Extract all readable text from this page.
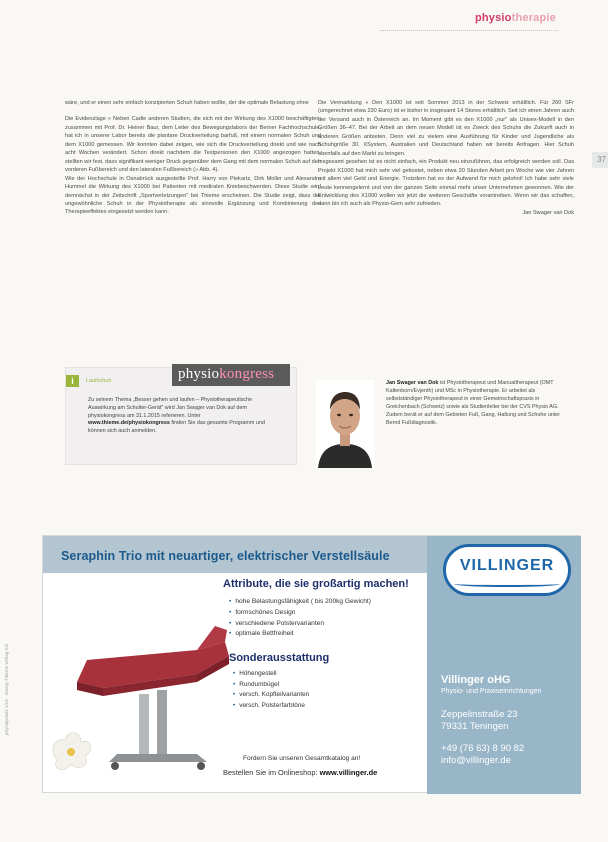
physiotherapie
37

wäre, und er einen sehr einfach konzipierten Schuh haben wollte, der die optimale Belastung ohne

Die Evidenzlage » Neben Cadle anderen Studien, die sich mit der Wirkung des X1000 beschäftigten, zusammen mit Prof. Dr. Heiner Baur, dem Leiter des Bewegungslabors der Berner Fachhochschule, hat ich in unserer Labor bereits die plantare Druckverteilung barfuß, mit einem normalen Schuh und dem X1000 gemessen. Wir konnten dabei zeigen, wie sich die Druckverteilung direkt und wie nach acht Wochen verändert. Schon direkt nachdem die Testpersonen den X1000 angezogen hatten, stellten wir fest, dass signifikant weniger Druck gegenüber dem Gang mit dem normalen Schuh auf den vorderen Fußbereich und den lateralen Fußbereich (» Abb. 4).

Wie der Hochschule in Osnabrück ausgestellte Prof. Harry von Piekartz, Dirk Moller und Alexandra Hummel die Wirkung des X1000 bei Patienten mit mediralen Kniebeschwerden. Diese Studie wird demnächst in der Zeitschrift „Sportverletzungen" bei Thieme erscheinen. Die Studie zeigt, dass der ungewöhnliche Schuh in der Physiotherapie als sinnvolle Ergänzung und Kombinierung des Therapieeffektes eingesetzt werden kann.

Die Vermarktung » Den X1000 ist seit Sommer 2013 in der Schweiz erhältlich. Für 260 SFr (umgerechnet etwa 230 Euro) ist er bisher in insgesamt 14 Stores erhältlich. Seit ich einen Jahren auch der Versand auch in Österreich an. Im Moment gibt es den X1000 „nur" als Unisex-Modell in den Größen 36–47. Bei der Arbeit an dem neuen Modell ist es Zweck des Schuhs die Zukunft auch in anderen Größen anbieten. Denn viel zu vielem eine Ausführung für Kinder und Jugendliche als Schuhgröße 30. XSystem, Australien und Deutschland haben wir bereits Anfragen. Hier Schuh ebenfalls auf den Markt zu bringen.

Insgesamt gesehen ist es nicht einfach, ein Produkt neu einzuführen, das erfolgreich werden soll. Das Projekt X1000 hat mich sehr viel gekostet, neben etwa 20 Stunden Arbeit pro Woche wie vier Jahren mit allem viel Geld und Energie. Trotzdem hat es der Aufwand für mich gelohnt! Ich habe sehr viele Leute kennengelernt und von der ganzen Seite einmal mehr unser Unternehmen gewonnen. Wie der Entwicklung des X1000 wollen wir jetzt die weiteren Geschäfte vorantreiben. Wenn wir das schaffen, dann bin ich auch als Physio-Gem sehr zufrieden.

Jan Swager van Dok

i	Laufschuh
Zu seinem Thema „Besser gehen und laufen – Physiotherapeutische Auswirkung am Schulter-Gerät" wird Jan Swager van Dok auf dem physiokongress am 31.1.2015 referieren. Unter www.thieme.de/physiokongress finden Sie das gesamte Programm und können sich auch anmelden.
physiokongress
Jan Swager van Dok ist Physiotherapeut und Manualtherapeut (OMT Kaltenborn/Evjenth) und MSc in Physiotherapie. Er arbeitet als selbstständiger Physiotherapeut in einer Gemeinschaftspraxis in Greichenbach (Schweiz) sowie als Studienleiter bei der CVS Physio AG. Zudem berät er auf dem Gebieten Fuß, Gang, Haltung und Schuhe unter Bernd Fußdiagnostik.
Seraphin Trio mit neuartiger, elektrischer Verstellsäule
VILLINGER
Attribute, die sie großartig machen!
• hohe Belastungsfähigkeit ( bis 200kg Gewicht)
• formschönes Design
• verschiedene Polstervarianten
• optimale Bettfreiheit
Sonderausstattung
• Höhengestell
• Rundumbügel
• versch. Kopfteilvarianten
• versch. Polsterfarbtöne
Fordern Sie unseren Gesamtkatalog an!
Bestellen Sie im Onlineshop: www.villinger.de
Villinger oHG
Physio- und Praxiseinrichtungen
Zeppelinstraße 23
79331 Teningen
+49 (76 63) 8 90 82
info@villinger.de
physiopraxis 1/15 · Georg Thieme Verlag KG
